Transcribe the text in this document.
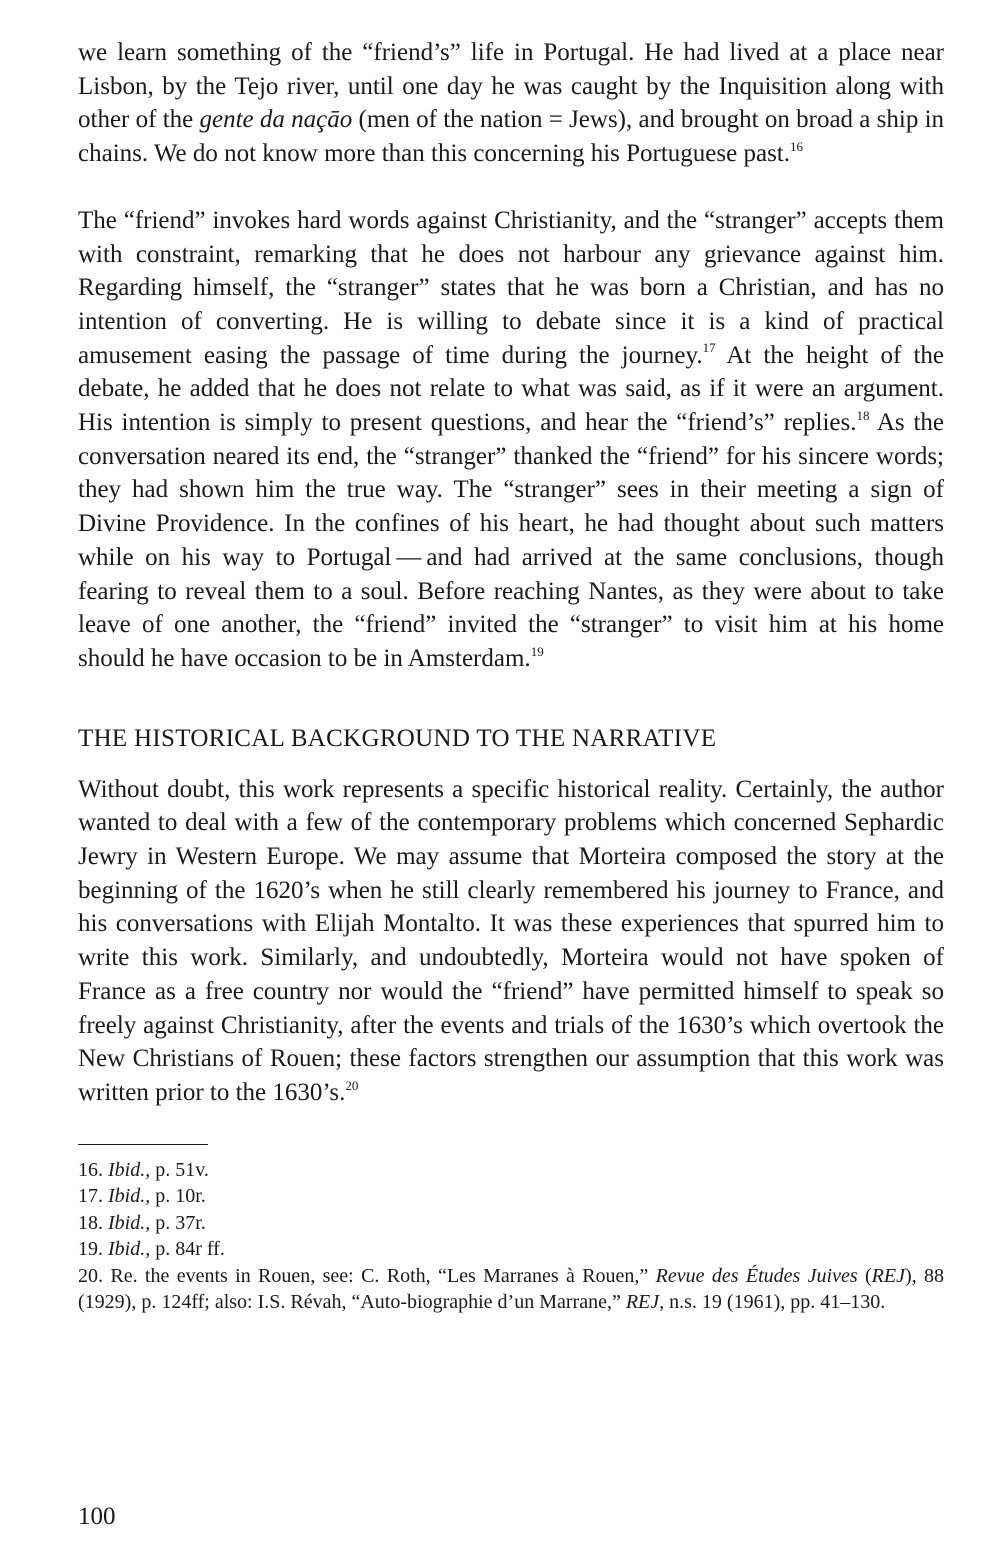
we learn something of the “friend’s” life in Portugal. He had lived at a place near Lisbon, by the Tejo river, until one day he was caught by the Inquisition along with other of the gente da naçāo (men of the nation = Jews), and brought on broad a ship in chains. We do not know more than this concerning his Portuguese past.$^{16}$

The “friend” invokes hard words against Christianity, and the “stranger” accepts them with constraint, remarking that he does not harbour any grievance against him. Regarding himself, the “stranger” states that he was born a Christian, and has no intention of converting. He is willing to debate since it is a kind of practical amusement easing the passage of time during the journey.$^{17}$ At the height of the debate, he added that he does not relate to what was said, as if it were an argument. His intention is simply to present questions, and hear the “friend’s” replies.$^{18}$ As the conversation neared its end, the “stranger” thanked the “friend” for his sincere words; they had shown him the true way. The “stranger” sees in their meeting a sign of Divine Providence. In the confines of his heart, he had thought about such matters while on his way to Portugal — and had arrived at the same conclusions, though fearing to reveal them to a soul. Before reaching Nantes, as they were about to take leave of one another, the “friend” invited the “stranger” to visit him at his home should he have occasion to be in Amsterdam.$^{19}$

THE HISTORICAL BACKGROUND TO THE NARRATIVE

Without doubt, this work represents a specific historical reality. Certainly, the author wanted to deal with a few of the contemporary problems which concerned Sephardic Jewry in Western Europe. We may assume that Morteira composed the story at the beginning of the 1620’s when he still clearly remembered his journey to France, and his conversations with Elijah Montalto. It was these experiences that spurred him to write this work. Similarly, and undoubtedly, Morteira would not have spoken of France as a free country nor would the “friend” have permitted himself to speak so freely against Christianity, after the events and trials of the 1630’s which overtook the New Christians of Rouen; these factors strengthen our assumption that this work was written prior to the 1630’s.$^{20}$

16. Ibid., p. 51v.
17. Ibid., p. 10r.
18. Ibid., p. 37r.
19. Ibid., p. 84r ff.
20. Re. the events in Rouen, see: C. Roth, “Les Marranes à Rouen,” Revue des Études Juives (REJ), 88 (1929), p. 124ff; also: I.S. Révah, “Auto-biographie d’un Marrane,” REJ, n.s. 19 (1961), pp. 41–130.
100
